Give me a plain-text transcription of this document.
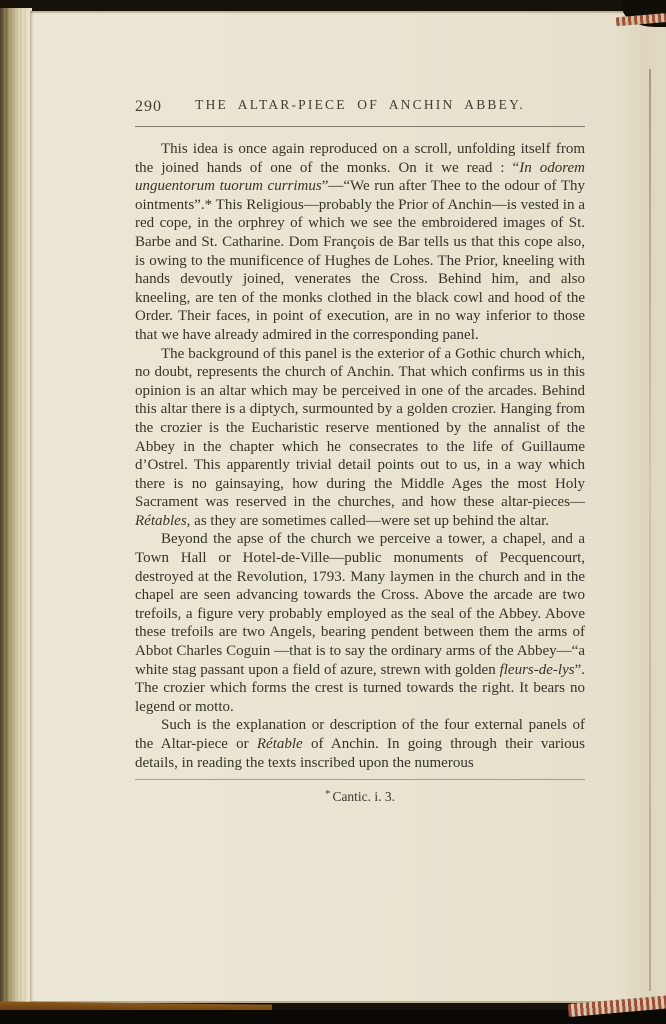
290	THE ALTAR-PIECE OF ANCHIN ABBEY.

This idea is once again reproduced on a scroll, unfolding itself from the joined hands of one of the monks. On it we read : “In odorem unguentorum tuorum currimus”—“We run after Thee to the odour of Thy ointments”.* This Religious—probably the Prior of Anchin—is vested in a red cope, in the orphrey of which we see the embroidered images of St. Barbe and St. Catharine. Dom François de Bar tells us that this cope also, is owing to the munificence of Hughes de Lohes. The Prior, kneeling with hands devoutly joined, venerates the Cross. Behind him, and also kneeling, are ten of the monks clothed in the black cowl and hood of the Order. Their faces, in point of execution, are in no way inferior to those that we have already admired in the corresponding panel.

The background of this panel is the exterior of a Gothic church which, no doubt, represents the church of Anchin. That which confirms us in this opinion is an altar which may be perceived in one of the arcades. Behind this altar there is a diptych, surmounted by a golden crozier. Hanging from the crozier is the Eucharistic reserve mentioned by the annalist of the Abbey in the chapter which he consecrates to the life of Guillaume d’Ostrel. This apparently trivial detail points out to us, in a way which there is no gainsaying, how during the Middle Ages the most Holy Sacrament was reserved in the churches, and how these altar-pieces—Rétables, as they are sometimes called—were set up behind the altar.

Beyond the apse of the church we perceive a tower, a chapel, and a Town Hall or Hotel-de-Ville—public monuments of Pecquencourt, destroyed at the Revolution, 1793. Many laymen in the church and in the chapel are seen advancing towards the Cross. Above the arcade are two trefoils, a figure very probably employed as the seal of the Abbey. Above these trefoils are two Angels, bearing pendent between them the arms of Abbot Charles Coguin —that is to say the ordinary arms of the Abbey—“a white stag passant upon a field of azure, strewn with golden fleurs-de-lys”. The crozier which forms the crest is turned towards the right. It bears no legend or motto.

Such is the explanation or description of the four external panels of the Altar-piece or Rétable of Anchin. In going through their various details, in reading the texts inscribed upon the numerous

* Cantic. i. 3.
